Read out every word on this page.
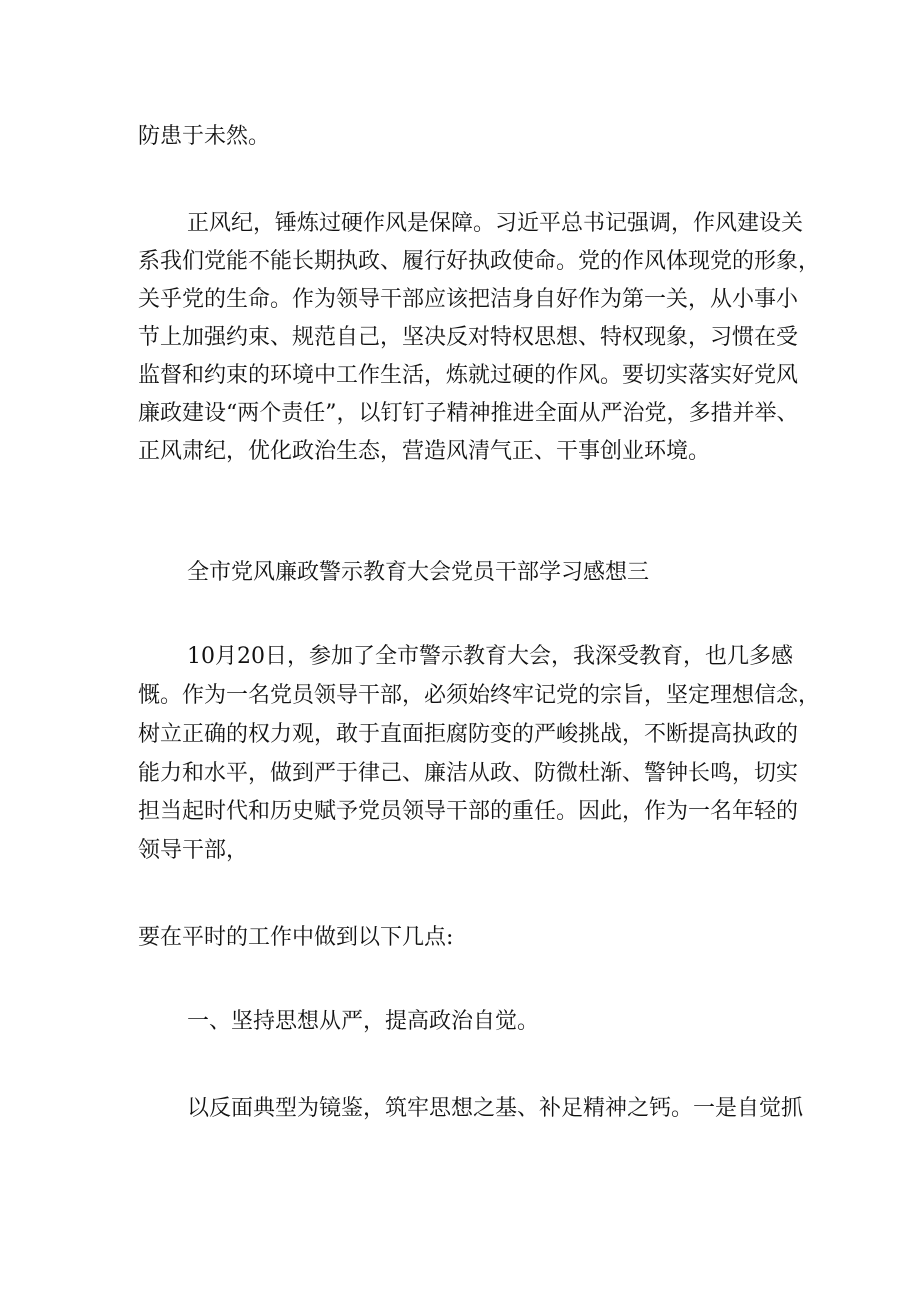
防患于未然。
正风纪，锤炼过硬作风是保障。习近平总书记强调，作风建设关
系我们党能不能长期执政、履行好执政使命。党的作风体现党的形象，
关乎党的生命。作为领导干部应该把洁身自好作为第一关，从小事小
节上加强约束、规范自己，坚决反对特权思想、特权现象，习惯在受
监督和约束的环境中工作生活，炼就过硬的作风。要切实落实好党风
廉政建设“两个责任”，以钉钉子精神推进全面从严治党，多措并举、
正风肃纪，优化政治生态，营造风清气正、干事创业环境。
全市党风廉政警示教育大会党员干部学习感想三
10月20日，参加了全市警示教育大会，我深受教育，也几多感
慨。作为一名党员领导干部，必须始终牢记党的宗旨，坚定理想信念，
树立正确的权力观，敢于直面拒腐防变的严峻挑战，不断提高执政的
能力和水平，做到严于律己、廉洁从政、防微杜渐、警钟长鸣，切实
担当起时代和历史赋予党员领导干部的重任。因此，作为一名年轻的
领导干部，
要在平时的工作中做到以下几点:
一、坚持思想从严，提高政治自觉。
以反面典型为镜鉴，筑牢思想之基、补足精神之钙。一是自觉抓
